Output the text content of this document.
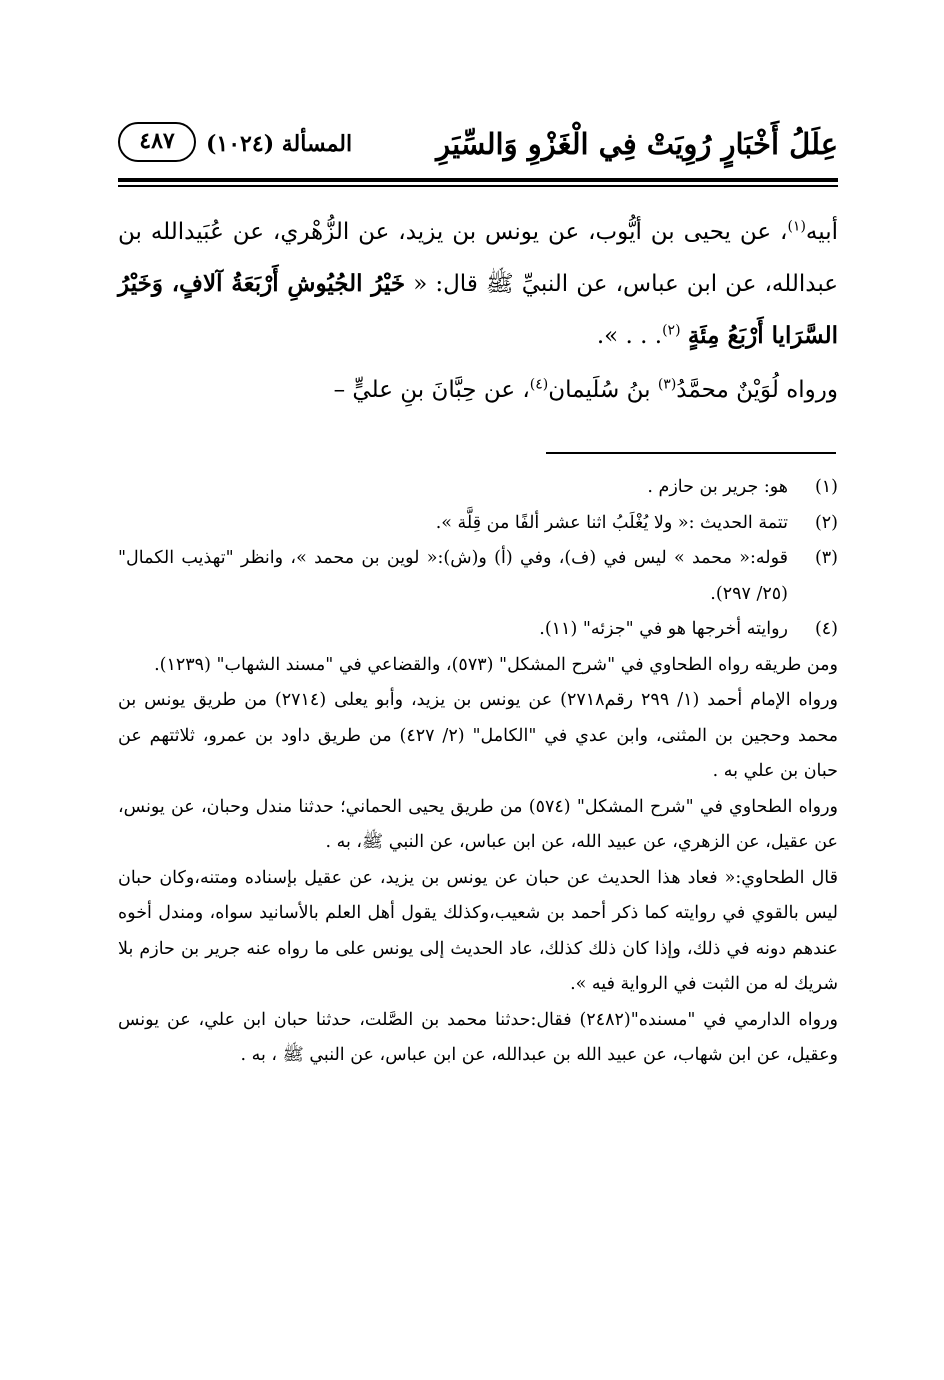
عِلَلُ أَخْبَارٍ رُوِيَتْ فِي الْغَزْوِ وَالسِّيَرِ
المسألة (١٠٢٤)
٤٨٧

أبيه$^{(١)}$، عن يحيى بن أيُّوب، عن يونس بن يزيد، عن الزُّهْري، عن عُبَيدالله بن عبدالله، عن ابن عباس، عن النبيِّ ﷺ قال: « خَيْرُ الجُيُوشِ أَرْبَعَةُ آلافٍ، وَخَيْرُ السَّرَايا أَرْبَعُ مِئَةٍ $^{(٢)}$. . . ».

ورواه لُوَيْنٌ محمَّدُ$^{(٣)}$ بنُ سُلَيمان$^{(٤)}$، عن حِبَّانَ بنِ عليٍّ –

(١)

هو: جرير بن حازم .

(٢)

تتمة الحديث :« ولا يُغْلَبُ اثنا عشر ألفًا من قِلَّة ».

(٣)

قوله:« محمد » ليس في (ف)، وفي (أ) و(ش):« لوين بن محمد »، وانظر "تهذيب الكمال" (٢٥/ ٢٩٧).

(٤)

روايته أخرجها هو في "جزئه" (١١).

ومن طريقه رواه الطحاوي في "شرح المشكل" (٥٧٣)، والقضاعي في "مسند الشهاب" (١٢٣٩).

ورواه الإمام أحمد (١/ ٢٩٩ رقم٢٧١٨) عن يونس بن يزيد، وأبو يعلى (٢٧١٤) من طريق يونس بن محمد وحجين بن المثنى، وابن عدي في "الكامل" (٢/ ٤٢٧) من طريق داود بن عمرو، ثلاثتهم عن حبان بن علي به .

ورواه الطحاوي في "شرح المشكل" (٥٧٤) من طريق يحيى الحماني؛ حدثنا مندل وحبان، عن يونس، عن عقيل، عن الزهري، عن عبيد الله، عن ابن عباس، عن النبي ﷺ، به .

قال الطحاوي:« فعاد هذا الحديث عن حبان عن يونس بن يزيد، عن عقيل بإسناده ومتنه،وكان حبان ليس بالقوي في روايته كما ذكر أحمد بن شعيب،وكذلك يقول أهل العلم بالأسانيد سواه، ومندل أخوه عندهم دونه في ذلك، وإذا كان ذلك كذلك، عاد الحديث إلى يونس على ما رواه عنه جرير بن حازم بلا شريك له من الثبت في الرواية فيه ».

ورواه الدارمي في "مسنده"(٢٤٨٢) فقال:حدثنا محمد بن الصَّلت، حدثنا حبان ابن علي، عن يونس وعقيل، عن ابن شهاب، عن عبيد الله بن عبدالله، عن ابن عباس، عن النبي ﷺ ، به .
